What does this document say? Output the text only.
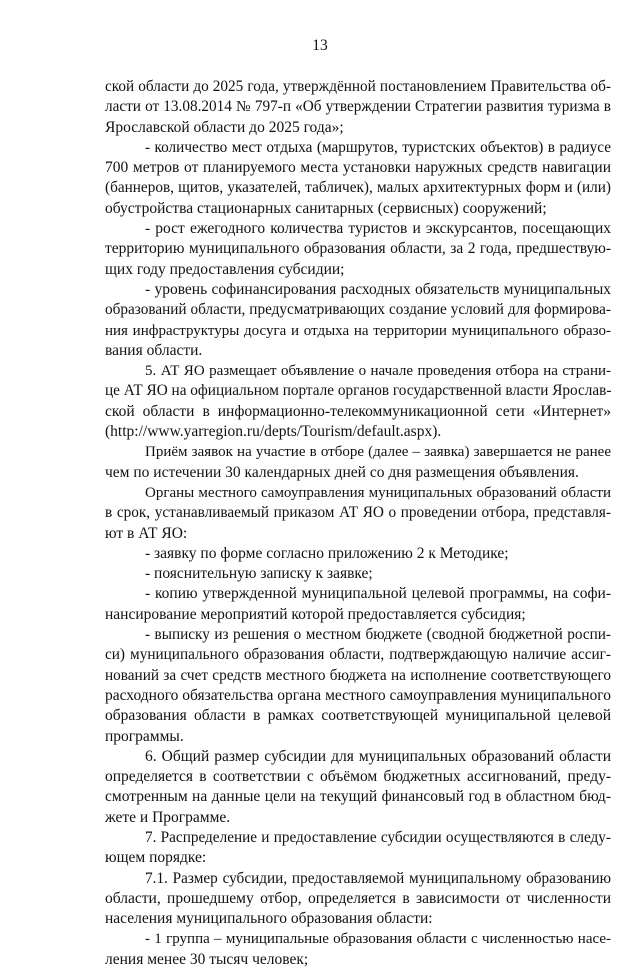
13
ской области до 2025 года, утверждённой постановлением Правительства об-
ласти от 13.08.2014 № 797-п «Об утверждении Стратегии развития туризма в
Ярославской области до 2025 года»;
- количество мест отдыха (маршрутов, туристских объектов) в радиусе
700 метров от планируемого места установки наружных средств навигации
(баннеров, щитов, указателей, табличек), малых архитектурных форм и (или)
обустройства стационарных санитарных (сервисных) сооружений;
- рост ежегодного количества туристов и экскурсантов, посещающих
территорию муниципального образования области, за 2 года, предшествую-
щих году предоставления субсидии;
- уровень софинансирования расходных обязательств муниципальных
образований области, предусматривающих создание условий для формирова-
ния инфраструктуры досуга и отдыха на территории муниципального образо-
вания области.
5. АТ ЯО размещает объявление о начале проведения отбора на страни-
це АТ ЯО на официальном портале органов государственной власти Ярослав-
ской области в информационно-телекоммуникационной сети «Интернет»
(http://www.yarregion.ru/depts/Tourism/default.aspx).
Приём заявок на участие в отборе (далее – заявка) завершается не ранее
чем по истечении 30 календарных дней со дня размещения объявления.
Органы местного самоуправления муниципальных образований области
в срок, устанавливаемый приказом АТ ЯО о проведении отбора, представля-
ют в АТ ЯО:
- заявку по форме согласно приложению 2 к Методике;
- пояснительную записку к заявке;
- копию утвержденной муниципальной целевой программы, на софи-
нансирование мероприятий которой предоставляется субсидия;
- выписку из решения о местном бюджете (сводной бюджетной роспи-
си) муниципального образования области, подтверждающую наличие ассиг-
нований за счет средств местного бюджета на исполнение соответствующего
расходного обязательства органа местного самоуправления муниципального
образования области в рамках соответствующей муниципальной целевой
программы.
6. Общий размер субсидии для муниципальных образований области
определяется в соответствии с объёмом бюджетных ассигнований, преду-
смотренным на данные цели на текущий финансовый год в областном бюд-
жете и Программе.
7. Распределение и предоставление субсидии осуществляются в следу-
ющем порядке:
7.1. Размер субсидии, предоставляемой муниципальному образованию
области, прошедшему отбор, определяется в зависимости от численности
населения муниципального образования области:
- 1 группа – муниципальные образования области с численностью насе-
ления менее 30 тысяч человек;
